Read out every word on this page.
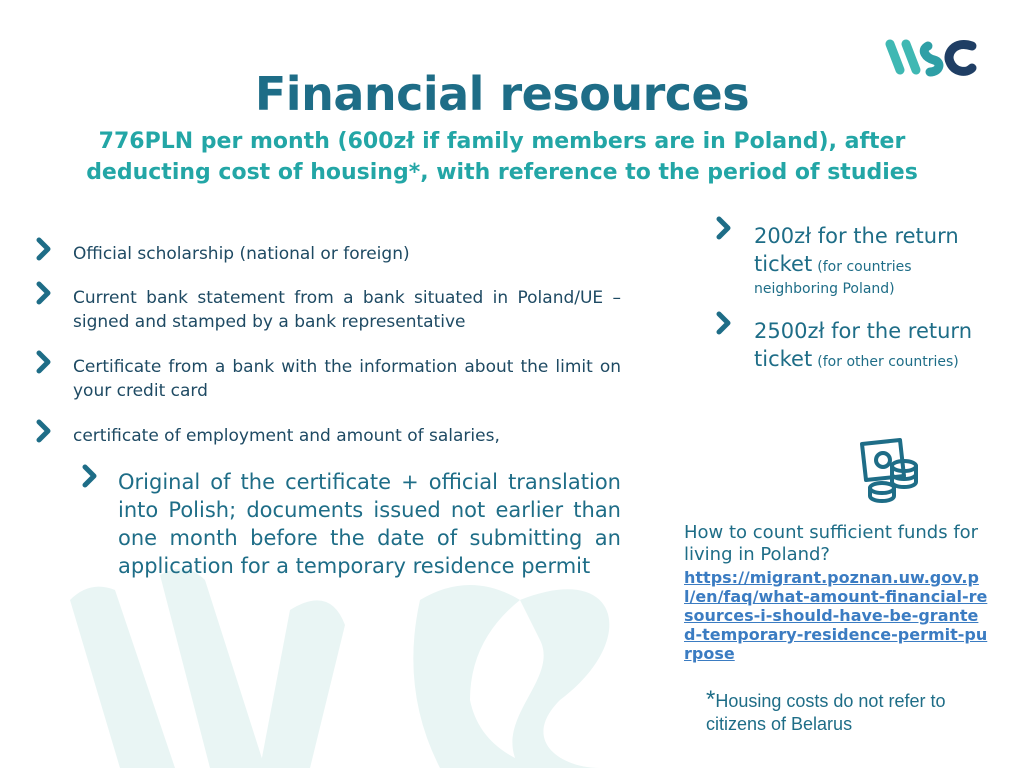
Financial resources
776PLN per month (600zł if family members are in Poland), after deducting cost of housing*, with reference to the period of studies
Official scholarship (national or foreign)
Current bank statement from a bank situated in Poland/UE – signed and stamped by a bank representative
Certificate from a bank with the information about the limit on your credit card
certificate of employment and amount of salaries,
Original of the certificate + official translation into Polish; documents issued not earlier than one month before the date of submitting an application for a temporary residence permit
200zł for the return ticket (for countries neighboring Poland)
2500zł for the return ticket (for other countries)
How to count sufficient funds for living in Poland?
https://migrant.poznan.uw.gov.pl/en/faq/what-amount-financial-resources-i-should-have-be-granted-temporary-residence-permit-purpose
*Housing costs do not refer to citizens of Belarus
